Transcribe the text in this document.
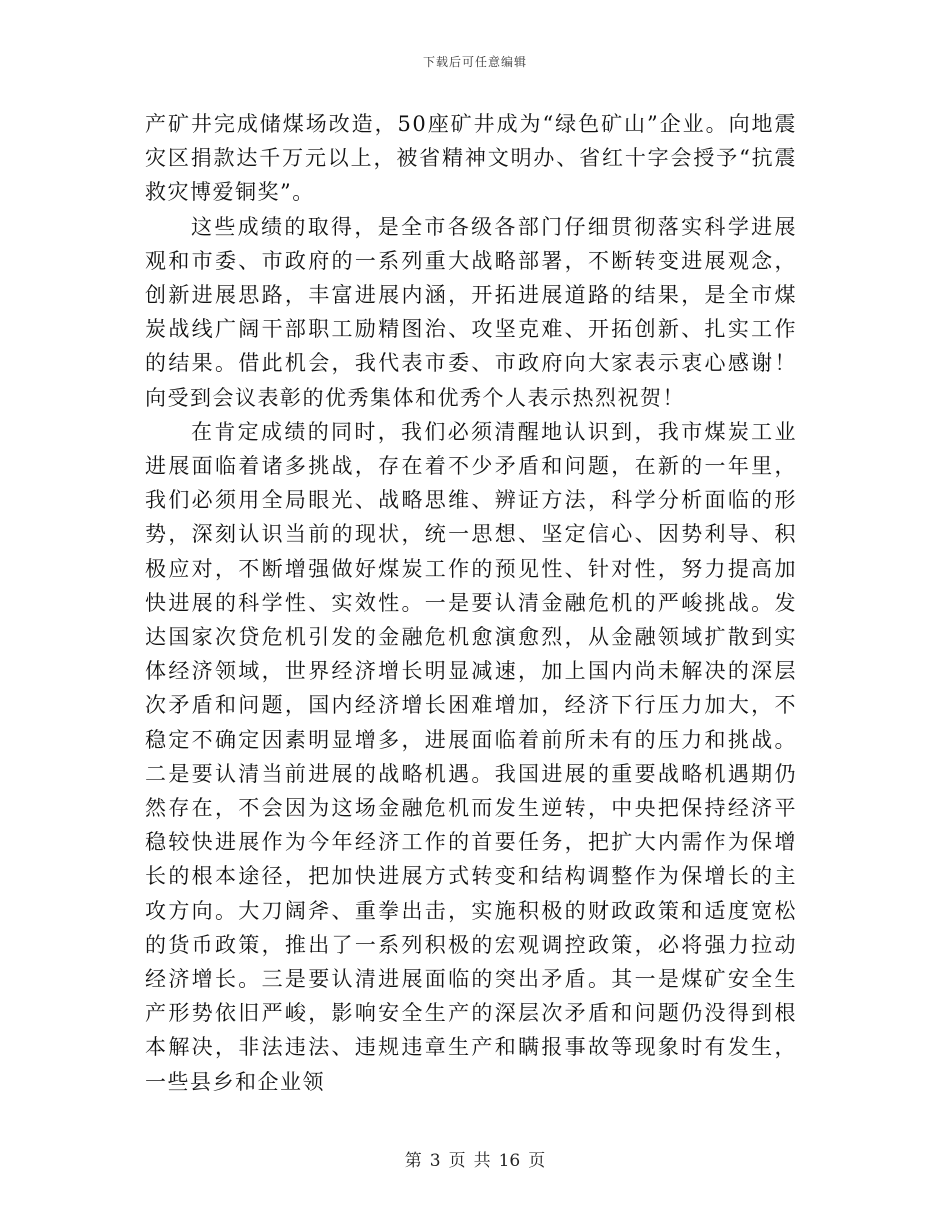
下载后可任意编辑

产矿井完成储煤场改造，50座矿井成为“绿色矿山”企业。向地震灾区捐款达千万元以上，被省精神文明办、省红十字会授予“抗震救灾博爱铜奖”。

这些成绩的取得，是全市各级各部门仔细贯彻落实科学进展观和市委、市政府的一系列重大战略部署，不断转变进展观念，创新进展思路，丰富进展内涵，开拓进展道路的结果，是全市煤炭战线广阔干部职工励精图治、攻坚克难、开拓创新、扎实工作的结果。借此机会，我代表市委、市政府向大家表示衷心感谢！向受到会议表彰的优秀集体和优秀个人表示热烈祝贺！

在肯定成绩的同时，我们必须清醒地认识到，我市煤炭工业进展面临着诸多挑战，存在着不少矛盾和问题，在新的一年里，我们必须用全局眼光、战略思维、辨证方法，科学分析面临的形势，深刻认识当前的现状，统一思想、坚定信心、因势利导、积极应对，不断增强做好煤炭工作的预见性、针对性，努力提高加快进展的科学性、实效性。一是要认清金融危机的严峻挑战。发达国家次贷危机引发的金融危机愈演愈烈，从金融领域扩散到实体经济领域，世界经济增长明显减速，加上国内尚未解决的深层次矛盾和问题，国内经济增长困难增加，经济下行压力加大，不稳定不确定因素明显增多，进展面临着前所未有的压力和挑战。二是要认清当前进展的战略机遇。我国进展的重要战略机遇期仍然存在，不会因为这场金融危机而发生逆转，中央把保持经济平稳较快进展作为今年经济工作的首要任务，把扩大内需作为保增长的根本途径，把加快进展方式转变和结构调整作为保增长的主攻方向。大刀阔斧、重拳出击，实施积极的财政政策和适度宽松的货币政策，推出了一系列积极的宏观调控政策，必将强力拉动经济增长。三是要认清进展面临的突出矛盾。其一是煤矿安全生产形势依旧严峻，影响安全生产的深层次矛盾和问题仍没得到根本解决，非法违法、违规违章生产和瞒报事故等现象时有发生，一些县乡和企业领

第 3 页 共 16 页
